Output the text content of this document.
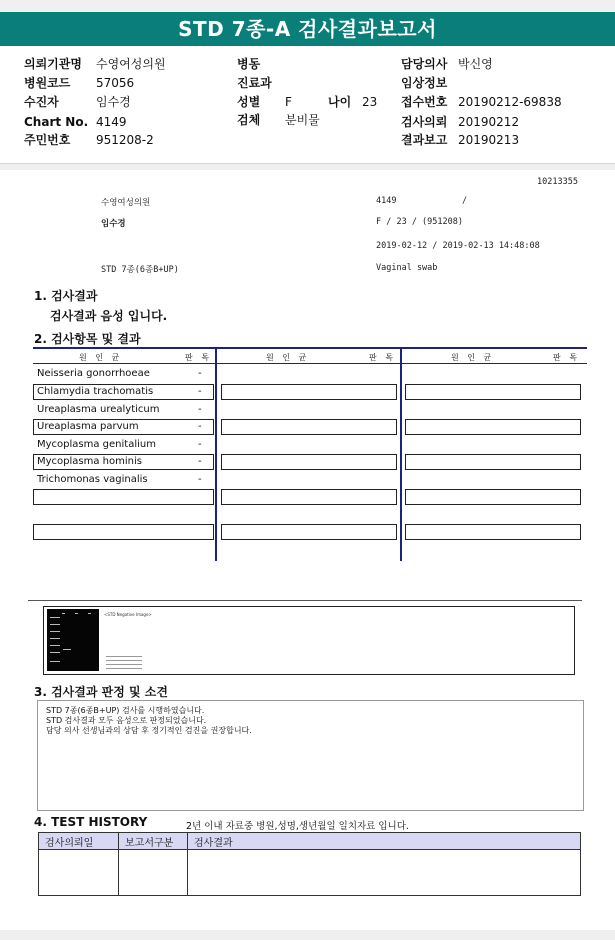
STD 7종-A 검사결과보고서
의뢰기관명 수영여성의원
병원코드 57056
수진자	임수경
Chart No. 4149
주민번호 951208-2
병동
진료과
성별 F	나이 23
검체 분비물
담당의사 박신영
임상정보
접수번호 20190212-69838
검사의뢰 20190212
결과보고 20190213
10213355
수영여성의원	4149	/
임수경	F / 23 / (951208)
2019-02-12 / 2019-02-13 14:48:08
STD 7종(6종B+UP)	Vaginal swab
1. 검사결과
검사결과 음성 입니다.
2. 검사항목 및 결과
원 인 균	판 독	원 인 균	판 독	원 인 균	판 독
Neisseria gonorrhoeae	-
Chlamydia trachomatis	-
Ureaplasma urealyticum	-
Ureaplasma parvum	-
Mycoplasma genitalium	-
Mycoplasma hominis	-
Trichomonas vaginalis	-
<STD Negative Image>
3. 검사결과 판정 및 소견
STD 7종(6종B+UP) 검사를 시행하였습니다.
STD 검사결과 모두 음성으로 판정되었습니다.
담당 의사 선생님과의 상담 후 정기적인 검진을 권장합니다.
4. TEST HISTORY	2년 이내 자료중 병원,성명,생년월일 일치자료 입니다.
검사의뢰일	보고서구분	검사결과
